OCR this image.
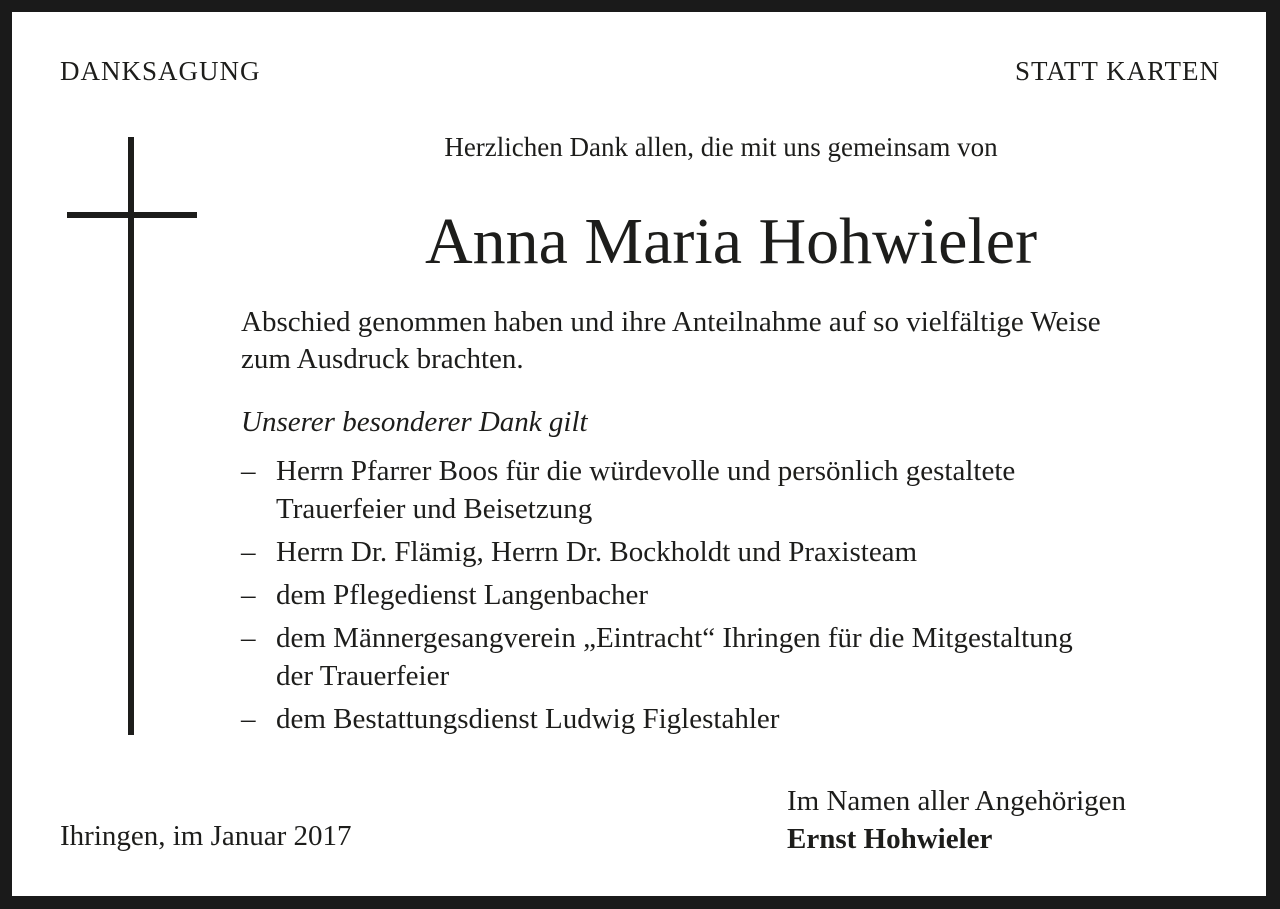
DANKSAGUNG	STATT KARTEN
Herzlichen Dank allen, die mit uns gemeinsam von
Anna Maria Hohwieler
Abschied genommen haben und ihre Anteilnahme auf so vielfältige Weise
zum Ausdruck brachten.
Unserer besonderer Dank gilt
– Herrn Pfarrer Boos für die würdevolle und persönlich gestaltete
Trauerfeier und Beisetzung
– Herrn Dr. Flämig, Herrn Dr. Bockholdt und Praxisteam
– dem Pflegedienst Langenbacher
– dem Männergesangverein „Eintracht“ Ihringen für die Mitgestaltung
der Trauerfeier
– dem Bestattungsdienst Ludwig Figlestahler
Ihringen, im Januar 2017
Im Namen aller Angehörigen
Ernst Hohwieler
